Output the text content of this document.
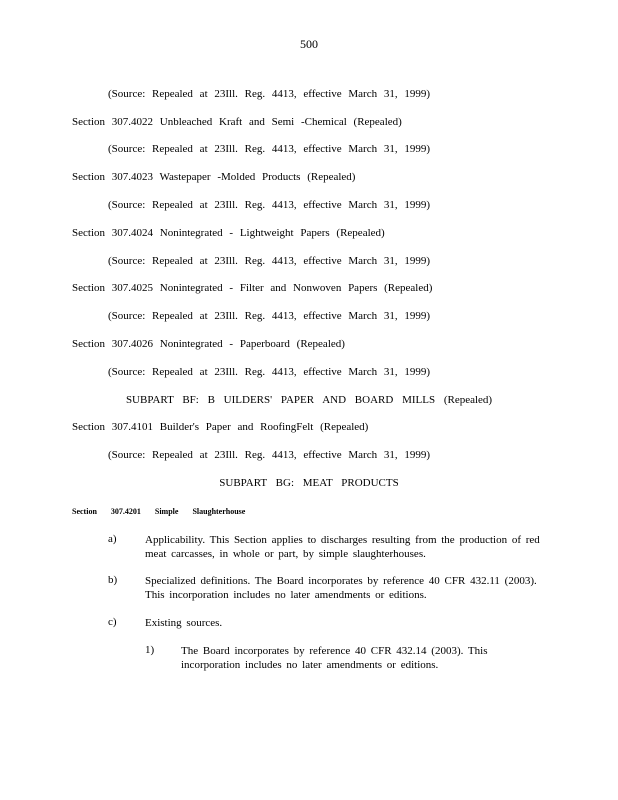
500
(Source: Repealed at 23Ill. Reg. 4413, effective March 31, 1999)
Section 307.4022 Unbleached Kraft and Semi -Chemical (Repealed)
(Source: Repealed at 23Ill. Reg. 4413, effective March 31, 1999)
Section 307.4023 Wastepaper -Molded Products (Repealed)
(Source: Repealed at 23Ill. Reg. 4413, effective March 31, 1999)
Section 307.4024 Nonintegrated - Lightweight Papers (Repealed)
(Source: Repealed at 23Ill. Reg. 4413, effective March 31, 1999)
Section 307.4025 Nonintegrated - Filter and Nonwoven Papers (Repealed)
(Source: Repealed at 23Ill. Reg. 4413, effective March 31, 1999)
Section 307.4026 Nonintegrated - Paperboard (Repealed)
(Source: Repealed at 23Ill. Reg. 4413, effective March 31, 1999)
SUBPART BF: B UILDERS' PAPER AND BOARD MILLS (Repealed)
Section 307.4101 Builder's Paper and RoofingFelt (Repealed)
(Source: Repealed at 23Ill. Reg. 4413, effective March 31, 1999)
SUBPART BG: MEAT PRODUCTS
Section 307.4201 Simple Slaughterhouse
a)	Applicability. This Section applies to discharges resulting from the production of red meat carcasses, in whole or part, by simple slaughterhouses.
b)	Specialized definitions. The Board incorporates by reference 40 CFR 432.11 (2003). This incorporation includes no later amendments or editions.
c)	Existing sources.
1) The Board incorporates by reference 40 CFR 432.14 (2003). This incorporation includes no later amendments or editions.
